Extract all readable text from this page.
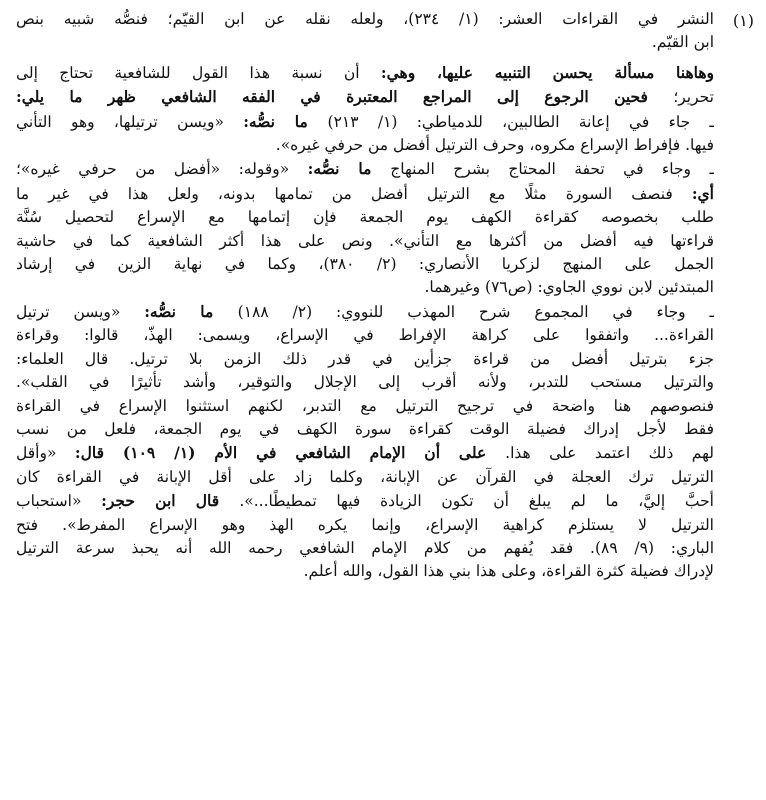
(١)
النشر في القراءات العشر: (١/ ٢٣٤)، ولعله نقله عن ابن القيّم؛ فنصُّه شبيه بنص
ابن القيّم.
وهاهنا مسألة يحسن التنبيه عليها، وهي: أن نسبة هذا القول للشافعية تحتاج إلى
تحرير؛ فحين الرجوع إلى المراجع المعتبرة في الفقه الشافعي ظهر ما يلي:
ـ جاء في إعانة الطالبين، للدمياطي: (١/ ٢١٣) ما نصُّه: «ويسن ترتيلها، وهو التأني
فيها. فإفراط الإسراع مكروه، وحرف الترتيل أفضل من حرفي غيره».
ـ وجاء في تحفة المحتاج بشرح المنهاج ما نصُّه: «وقوله: «أفضل من حرفي غيره»؛
أي: فنصف السورة مثلًا مع الترتيل أفضل من تمامها بدونه، ولعل هذا في غير ما
طلب بخصوصه كقراءة الكهف يوم الجمعة فإن إتمامها مع الإسراع لتحصيل سُنَّة
قراءتها فيه أفضل من أكثرها مع التأني». ونص على هذا أكثر الشافعية كما في حاشية
الجمل على المنهج لزكريا الأنصاري: (٢/ ٣٨٠)، وكما في نهاية الزين في إرشاد
المبتدئين لابن نووي الجاوي: (ص٧٦) وغيرهما.
ـ وجاء في المجموع شرح المهذب للنووي: (٢/ ١٨٨) ما نصُّه: «ويسن ترتيل
القراءة... واتفقوا على كراهة الإفراط في الإسراع، ويسمى: الهذّ، قالوا: وقراءة
جزء بترتيل أفضل من قراءة جزأين في قدر ذلك الزمن بلا ترتيل. قال العلماء:
والترتيل مستحب للتدبر، ولأنه أقرب إلى الإجلال والتوقير، وأشد تأثيرًا في القلب».
فنصوصهم هنا واضحة في ترجيح الترتيل مع التدبر، لكنهم استثنوا الإسراع في القراءة
فقط لأجل إدراك فضيلة الوقت كقراءة سورة الكهف في يوم الجمعة، فلعل من نسب
لهم ذلك اعتمد على هذا. على أن الإمام الشافعي في الأم (١/ ١٠٩) قال: «وأقل
الترتيل ترك العجلة في القرآن عن الإبانة، وكلما زاد على أقل الإبانة في القراءة كان
أحبَّ إليَّ، ما لم يبلغ أن تكون الزيادة فيها تمطيطًا...». قال ابن حجر: «استحباب
الترتيل لا يستلزم كراهية الإسراع، وإنما يكره الهذ وهو الإسراع المفرط». فتح
الباري: (٩/ ٨٩). فقد يُفهم من كلام الإمام الشافعي رحمه الله أنه يحبذ سرعة الترتيل
لإدراك فضيلة كثرة القراءة، وعلى هذا بني هذا القول، والله أعلم.
